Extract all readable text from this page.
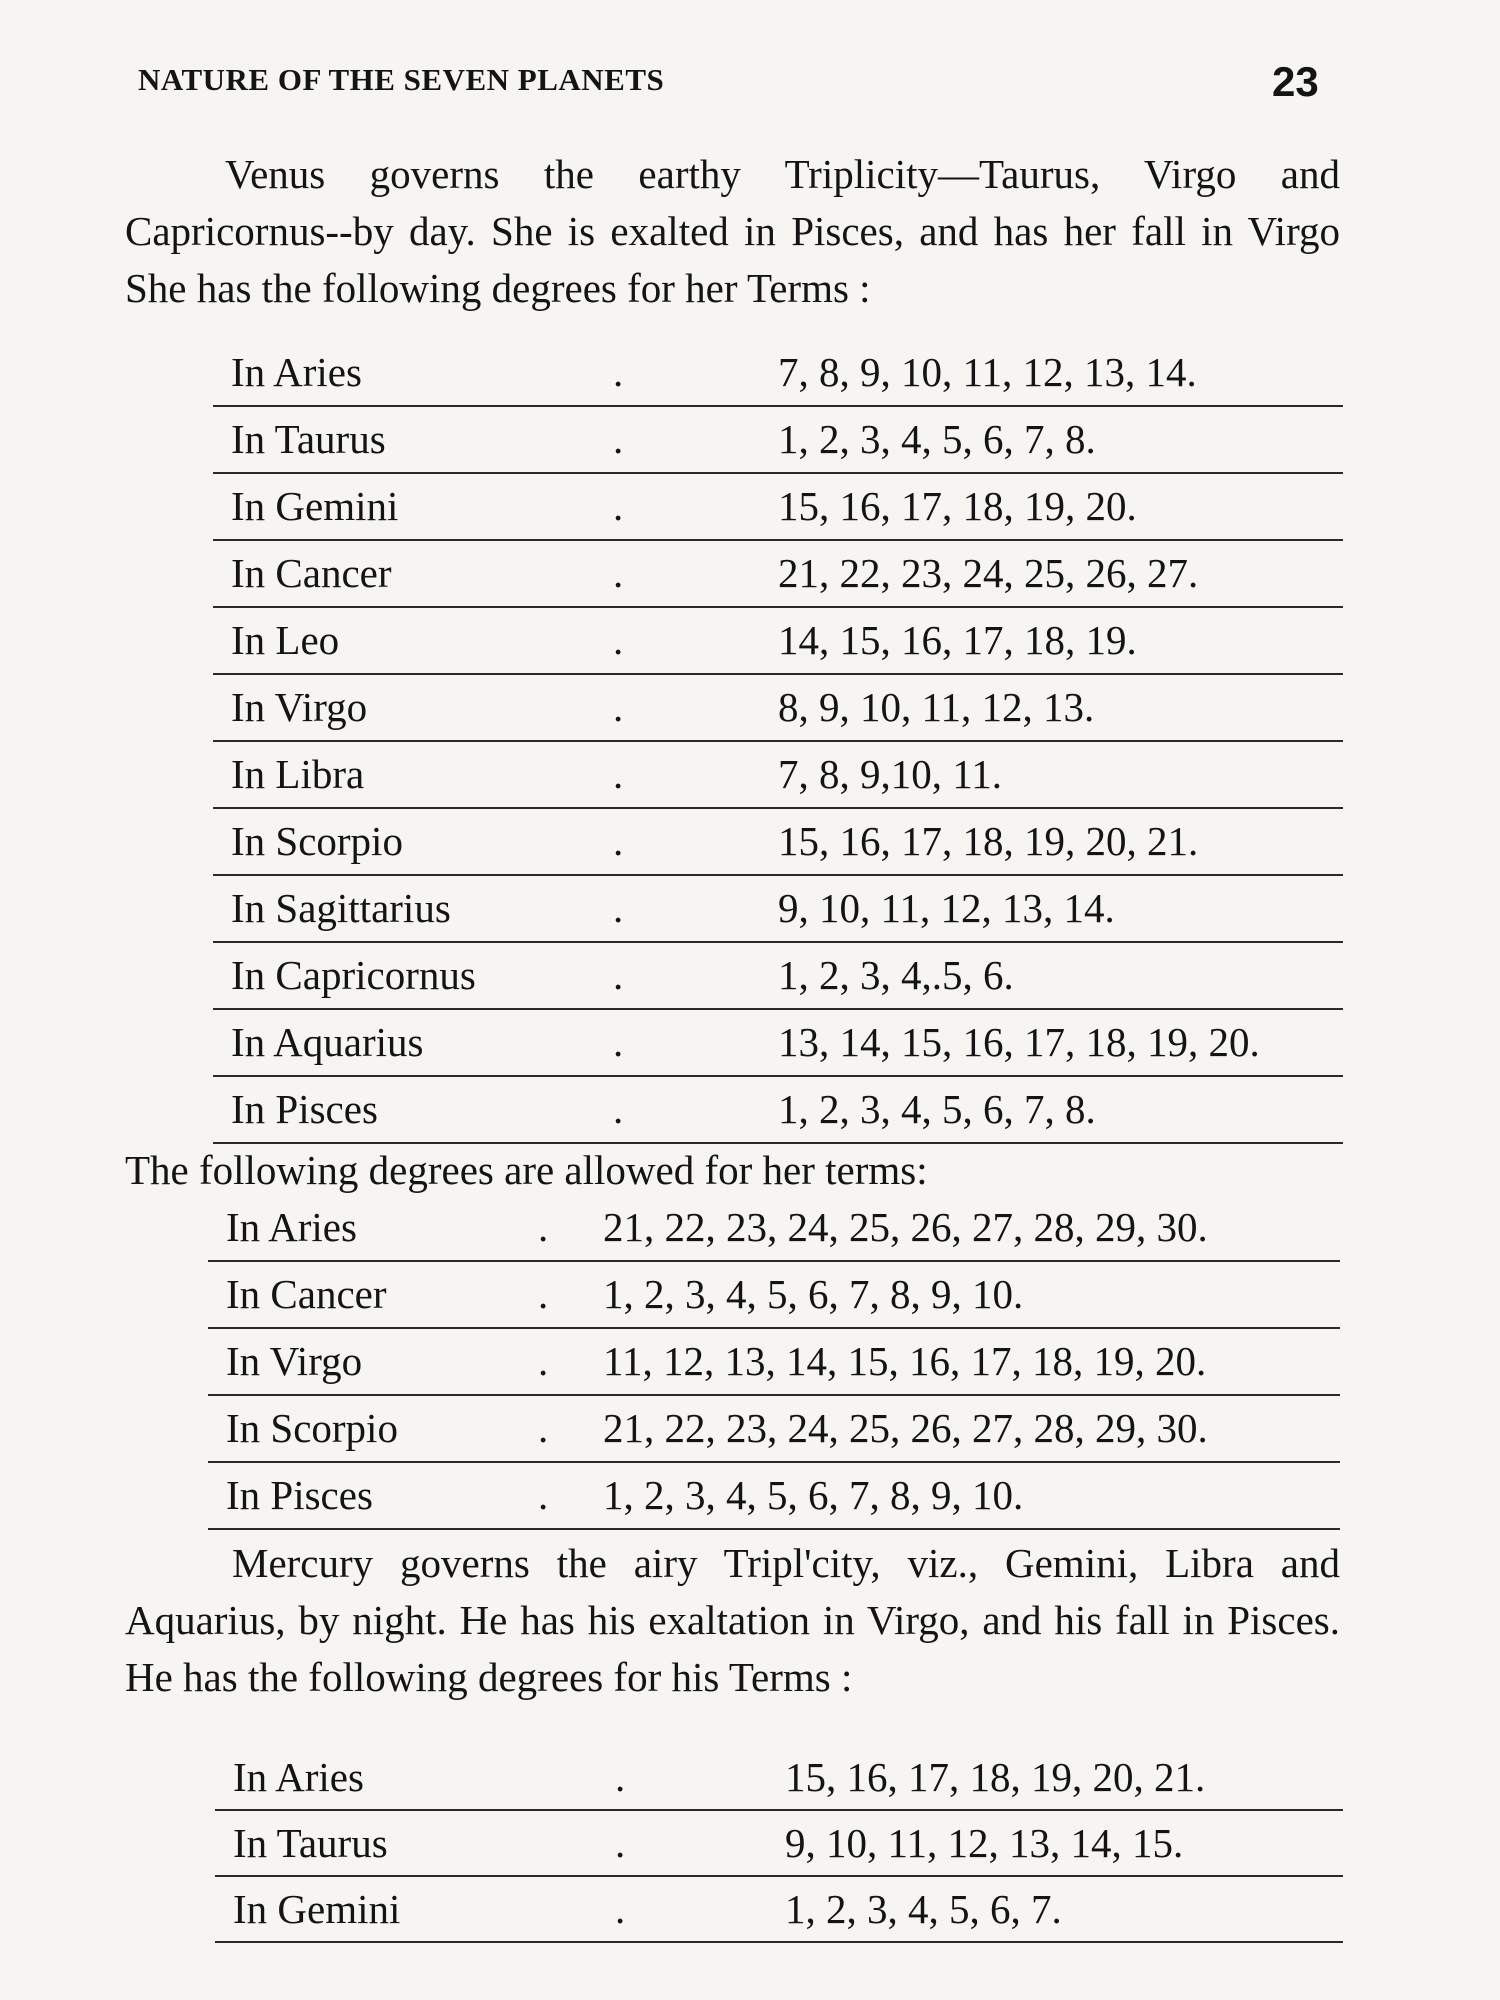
NATURE OF THE SEVEN PLANETS	23

Venus governs the earthy Triplicity—Taurus, Virgo and Capricornus--by day. She is exalted in Pisces, and has her fall in Virgo She has the following degrees for her Terms :

In Aries	.	7, 8, 9, 10, 11, 12, 13, 14.
In Taurus	.	1, 2, 3, 4, 5, 6, 7, 8.
In Gemini	.	15, 16, 17, 18, 19, 20.
In Cancer	.	21, 22, 23, 24, 25, 26, 27.
In Leo	.	14, 15, 16, 17, 18, 19.
In Virgo	.	8, 9, 10, 11, 12, 13.
In Libra	.	7, 8, 9,10, 11.
In Scorpio	.	15, 16, 17, 18, 19, 20, 21.
In Sagittarius	.	9, 10, 11, 12, 13, 14.
In Capricornus	.	1, 2, 3, 4,.5, 6.
In Aquarius	.	13, 14, 15, 16, 17, 18, 19, 20.
In Pisces	.	1, 2, 3, 4, 5, 6, 7, 8.

The following degrees are allowed for her terms:

In Aries	. 21, 22, 23, 24, 25, 26, 27, 28, 29, 30.
In Cancer	. 1, 2, 3, 4, 5, 6, 7, 8, 9, 10.
In Virgo	. 11, 12, 13, 14, 15, 16, 17, 18, 19, 20.
In Scorpio	. 21, 22, 23, 24, 25, 26, 27, 28, 29, 30.
In Pisces	. 1, 2, 3, 4, 5, 6, 7, 8, 9, 10.

Mercury governs the airy Tripl'city, viz., Gemini, Libra and Aquarius, by night. He has his exaltation in Virgo, and his fall in Pisces. He has the following degrees for his Terms :

In Aries	.	15, 16, 17, 18, 19, 20, 21.
In Taurus	.	9, 10, 11, 12, 13, 14, 15.
In Gemini	.	1, 2, 3, 4, 5, 6, 7.
